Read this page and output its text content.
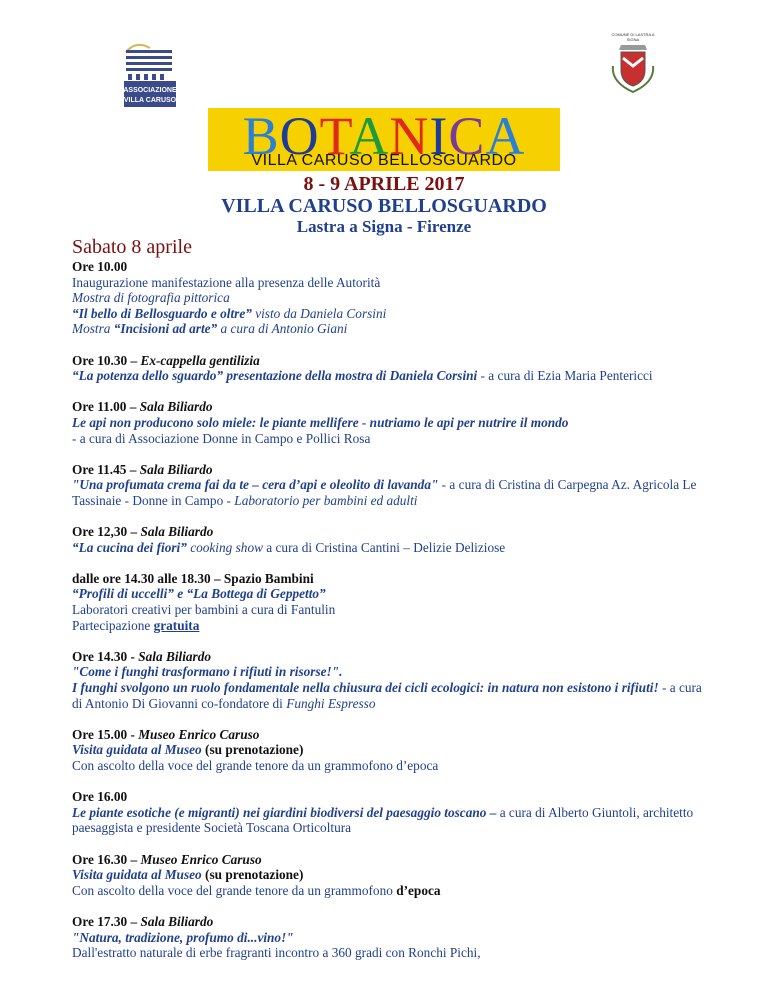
ASSOCIAZIONE
VILLA CARUSO
COMUNE DI LASTRA A SIGNA
BOTANICA
VILLA CARUSO BELLOSGUARDO
8 - 9 APRILE 2017
VILLA CARUSO BELLOSGUARDO
Lastra a Signa - Firenze
Sabato 8 aprile
Ore 10.00
Inaugurazione manifestazione alla presenza delle Autorità
Mostra di fotografia pittorica
“Il bello di Bellosguardo e oltre” visto da Daniela Corsini
Mostra “Incisioni ad arte” a cura di Antonio Giani
Ore 10.30 – Ex-cappella gentilizia
“La potenza dello sguardo” presentazione della mostra di Daniela Corsini - a cura di Ezia Maria Pentericci
Ore 11.00 – Sala Biliardo
Le api non producono solo miele: le piante mellifere - nutriamo le api per nutrire il mondo
- a cura di Associazione Donne in Campo e Pollici Rosa
Ore 11.45 – Sala Biliardo
"Una profumata crema fai da te – cera d’api e oleolito di lavanda" - a cura di Cristina di Carpegna Az. Agricola Le Tassinaie - Donne in Campo - Laboratorio per bambini ed adulti
Ore 12,30 – Sala Biliardo
“La cucina dei fiori” cooking show a cura di Cristina Cantini – Delizie Deliziose
dalle ore 14.30 alle 18.30 – Spazio Bambini
“Profili di uccelli” e “La Bottega di Geppetto”
Laboratori creativi per bambini a cura di Fantulin
Partecipazione gratuita
Ore 14.30 - Sala Biliardo
"Come i funghi trasformano i rifiuti in risorse!".
I funghi svolgono un ruolo fondamentale nella chiusura dei cicli ecologici: in natura non esistono i rifiuti! - a cura di Antonio Di Giovanni co-fondatore di Funghi Espresso
Ore 15.00 - Museo Enrico Caruso
Visita guidata al Museo (su prenotazione)
Con ascolto della voce del grande tenore da un grammofono d’epoca
Ore 16.00
Le piante esotiche (e migranti) nei giardini biodiversi del paesaggio toscano – a cura di Alberto Giuntoli, architetto paesaggista e presidente Società Toscana Orticoltura
Ore 16.30 – Museo Enrico Caruso
Visita guidata al Museo (su prenotazione)
Con ascolto della voce del grande tenore da un grammofono d’epoca
Ore 17.30 – Sala Biliardo
"Natura, tradizione, profumo di...vino!"
Dall'estratto naturale di erbe fragranti incontro a 360 gradi con Ronchi Pichi,
